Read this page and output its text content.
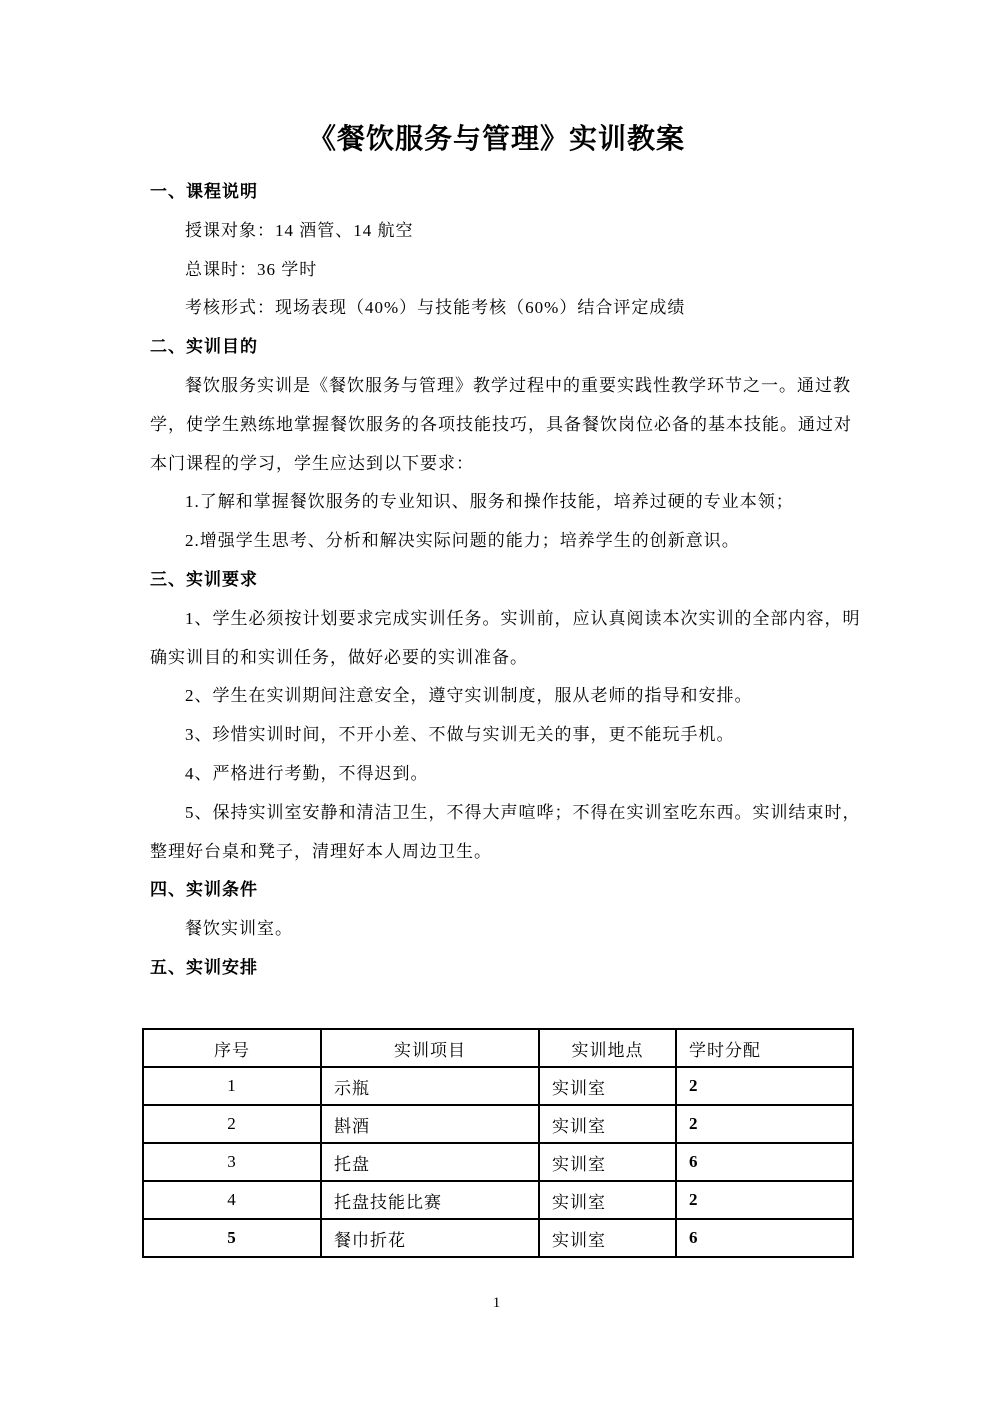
《餐饮服务与管理》实训教案
一、课程说明
授课对象：14 酒管、14 航空
总课时：36 学时
考核形式：现场表现（40%）与技能考核（60%）结合评定成绩
二、实训目的
餐饮服务实训是《餐饮服务与管理》教学过程中的重要实践性教学环节之一。通过教
学，使学生熟练地掌握餐饮服务的各项技能技巧，具备餐饮岗位必备的基本技能。通过对
本门课程的学习，学生应达到以下要求：
1.了解和掌握餐饮服务的专业知识、服务和操作技能，培养过硬的专业本领；
2.增强学生思考、分析和解决实际问题的能力；培养学生的创新意识。
三、实训要求
1、学生必须按计划要求完成实训任务。实训前，应认真阅读本次实训的全部内容，明
确实训目的和实训任务，做好必要的实训准备。
2、学生在实训期间注意安全，遵守实训制度，服从老师的指导和安排。
3、珍惜实训时间，不开小差、不做与实训无关的事，更不能玩手机。
4、严格进行考勤，不得迟到。
5、保持实训室安静和清洁卫生，不得大声喧哗；不得在实训室吃东西。实训结束时，
整理好台桌和凳子，清理好本人周边卫生。
四、实训条件
餐饮实训室。
五、实训安排
序号	实训项目	实训地点	学时分配
1	示瓶	实训室	2
2	斟酒	实训室	2
3	托盘	实训室	6
4	托盘技能比赛	实训室	2
5	餐巾折花	实训室	6
1
